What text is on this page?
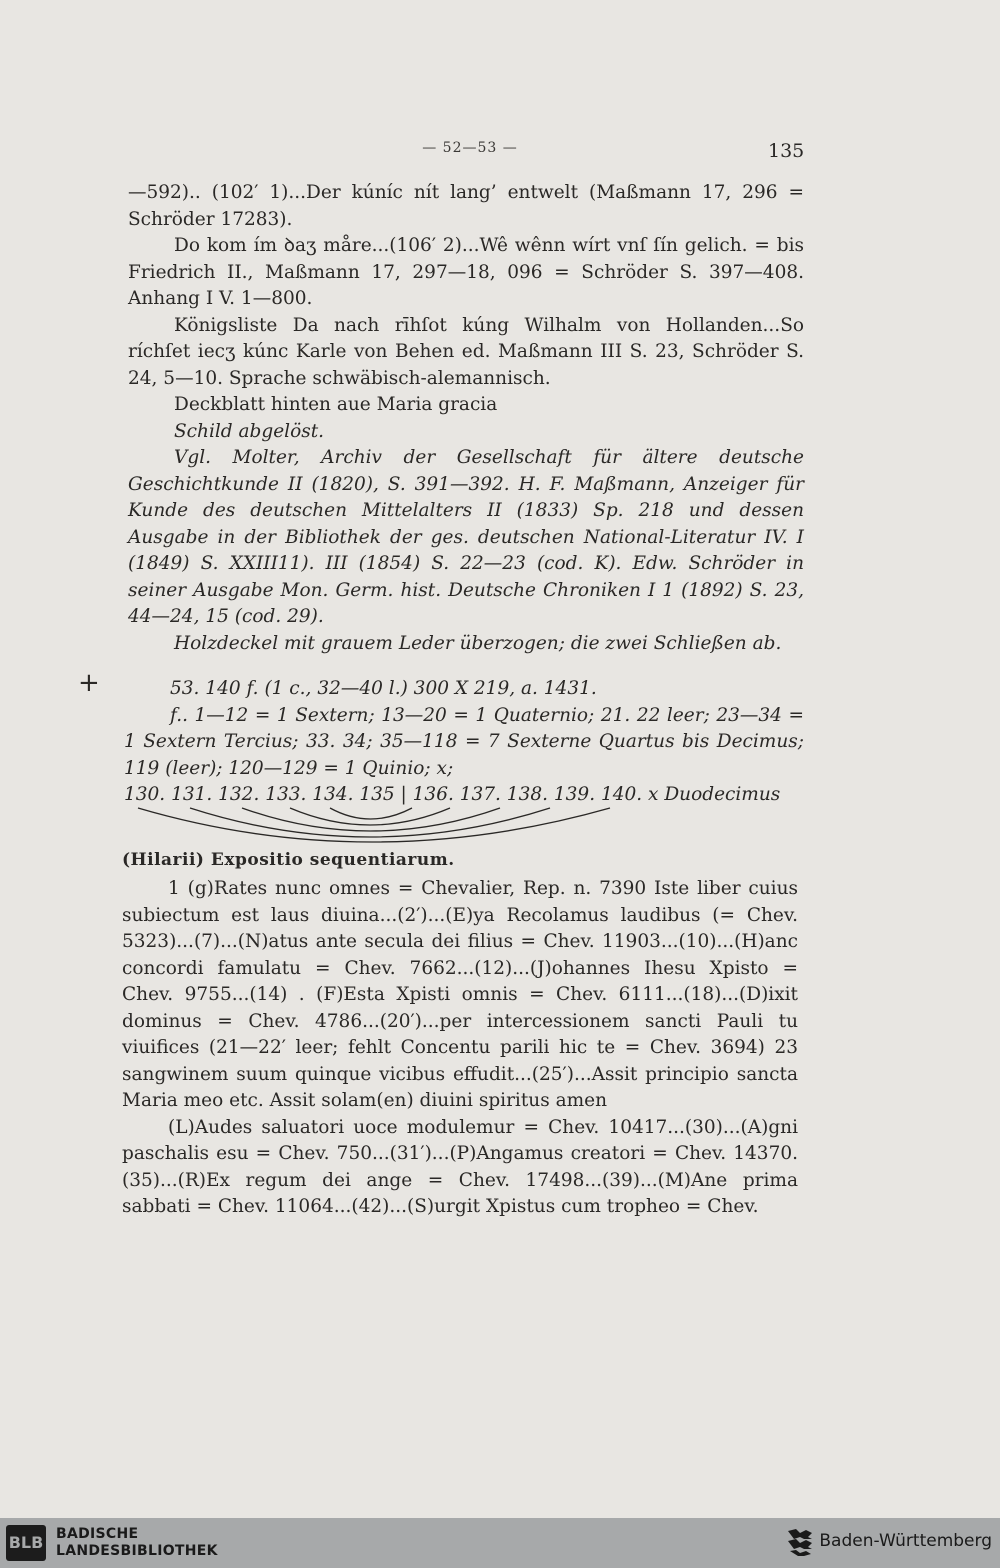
— 52—53 —	135

—592).. (102′ 1)...Der kúníc nít lang’ entwelt (Maßmann 17, 296 = Schröder 17283).

Do kom ím ꝺaʒ måre...(106′ 2)...Wê wênn wírt vnſ ſín gelich. = bis Friedrich II., Maßmann 17, 297—18, 096 = Schröder S. 397—408. Anhang I V. 1—800.

Königsliste Da nach rīhſot kúng Wilhalm von Hollanden...So ríchſet iecʒ kúnc Karle von Behen ed. Maßmann III S. 23, Schröder S. 24, 5—10. Sprache schwäbisch-alemannisch.

Deckblatt hinten aue Maria gracia

Schild abgelöst.

Vgl. Molter, Archiv der Gesellschaft für ältere deutsche Geschichtkunde II (1820), S. 391—392. H. F. Maßmann, Anzeiger für Kunde des deutschen Mittelalters II (1833) Sp. 218 und dessen Ausgabe in der Bibliothek der ges. deutschen National-Literatur IV. I (1849) S. XXIII11). III (1854) S. 22—23 (cod. K). Edw. Schröder in seiner Ausgabe Mon. Germ. hist. Deutsche Chroniken I 1 (1892) S. 23, 44—24, 15 (cod. 29).

Holzdeckel mit grauem Leder überzogen; die zwei Schließen ab.

+	53. 140 f. (1 c., 32—40 l.) 300 X 219, a. 1431.

f.. 1—12 = 1 Sextern; 13—20 = 1 Quaternio; 21. 22 leer; 23—34 = 1 Sextern Tercius; 33. 34; 35—118 = 7 Sexterne Quartus bis Decimus; 119 (leer); 120—129 = 1 Quinio; x;

130. 131. 132. 133. 134. 135 | 136. 137. 138. 139. 140. x Duodecimus

(Hilarii) Expositio sequentiarum.

1 (g)Rates nunc omnes = Chevalier, Rep. n. 7390 Iste liber cuius subiectum est laus diuina...(2′)...(E)ya Recolamus laudibus (= Chev. 5323)...(7)...(N)atus ante secula dei filius = Chev. 11903...(10)...(H)anc concordi famulatu = Chev. 7662...(12)...(J)ohannes Ihesu Xpisto = Chev. 9755...(14) . (F)Esta Xpisti omnis = Chev. 6111...(18)...(D)ixit dominus = Chev. 4786...(20′)...per intercessionem sancti Pauli tu viuifices (21—22′ leer; fehlt Concentu parili hic te = Chev. 3694) 23 sangwinem suum quinque vicibus effudit...(25′)...Assit principio sancta Maria meo etc. Assit solam(en) diuini spiritus amen

(L)Audes saluatori uoce modulemur = Chev. 10417...(30)...(A)gni paschalis esu = Chev. 750...(31′)...(P)Angamus creatori = Chev. 14370. (35)...(R)Ex regum dei ange = Chev. 17498...(39)...(M)Ane prima sabbati = Chev. 11064...(42)...(S)urgit Xpistus cum tropheo = Chev.

BLB BADISCHE
LANDESBIBLIOTHEK	Baden-Württemberg
